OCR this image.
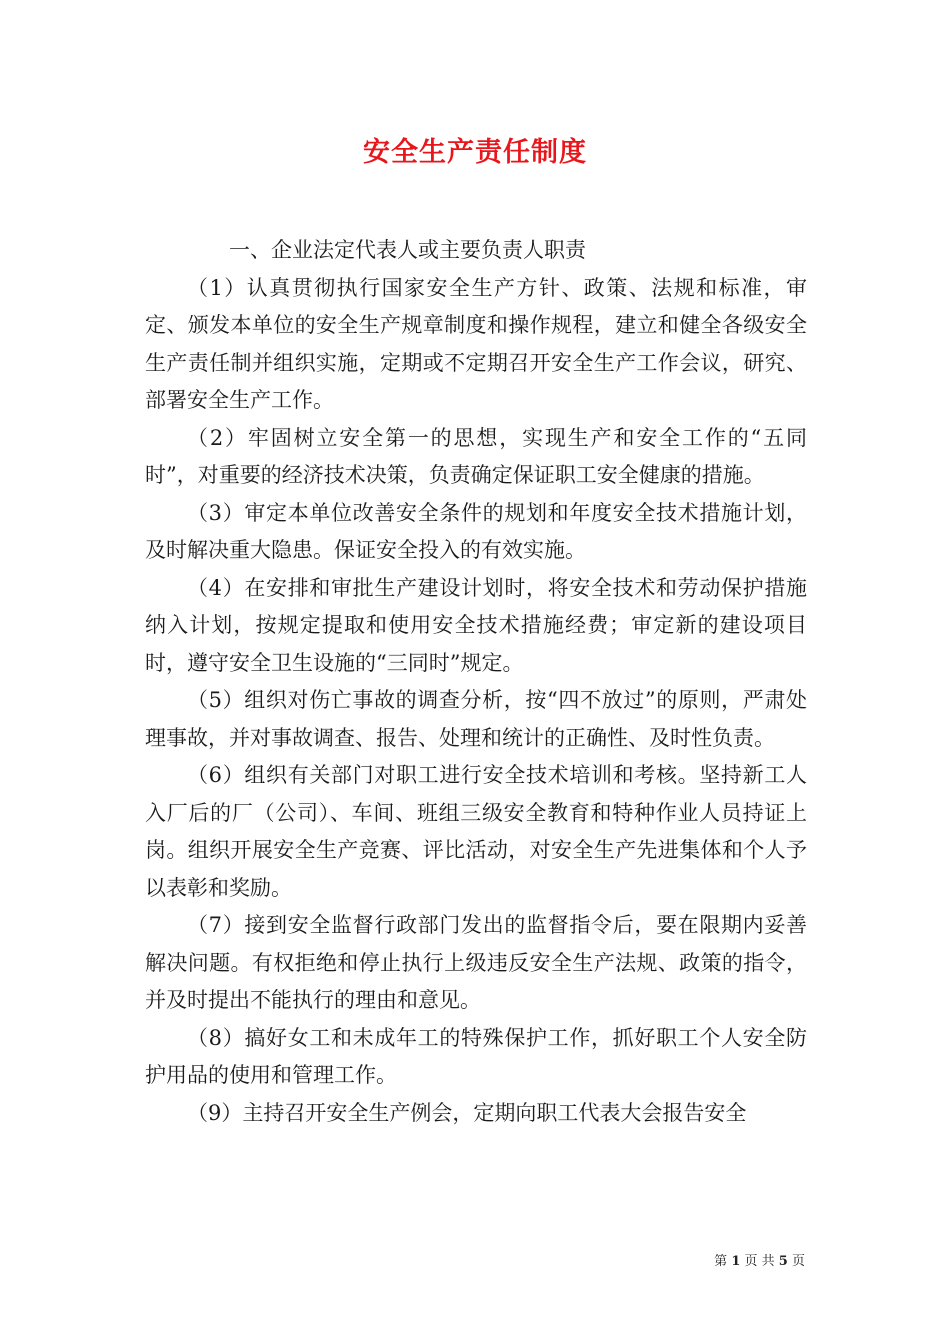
安全生产责任制度

一、企业法定代表人或主要负责人职责

（1）认真贯彻执行国家安全生产方针、政策、法规和标准，审定、颁发本单位的安全生产规章制度和操作规程，建立和健全各级安全生产责任制并组织实施，定期或不定期召开安全生产工作会议，研究、部署安全生产工作。

（2）牢固树立安全第一的思想，实现生产和安全工作的“五同时”，对重要的经济技术决策，负责确定保证职工安全健康的措施。

（3）审定本单位改善安全条件的规划和年度安全技术措施计划，及时解决重大隐患。保证安全投入的有效实施。

（4）在安排和审批生产建设计划时，将安全技术和劳动保护措施纳入计划，按规定提取和使用安全技术措施经费；审定新的建设项目时，遵守安全卫生设施的“三同时”规定。

（5）组织对伤亡事故的调查分析，按“四不放过”的原则，严肃处理事故，并对事故调查、报告、处理和统计的正确性、及时性负责。

（6）组织有关部门对职工进行安全技术培训和考核。坚持新工人入厂后的厂（公司）、车间、班组三级安全教育和特种作业人员持证上岗。组织开展安全生产竞赛、评比活动，对安全生产先进集体和个人予以表彰和奖励。

（7）接到安全监督行政部门发出的监督指令后，要在限期内妥善解决问题。有权拒绝和停止执行上级违反安全生产法规、政策的指令，并及时提出不能执行的理由和意见。

（8）搞好女工和未成年工的特殊保护工作，抓好职工个人安全防护用品的使用和管理工作。

（9）主持召开安全生产例会，定期向职工代表大会报告安全

第 1 页 共 5 页
